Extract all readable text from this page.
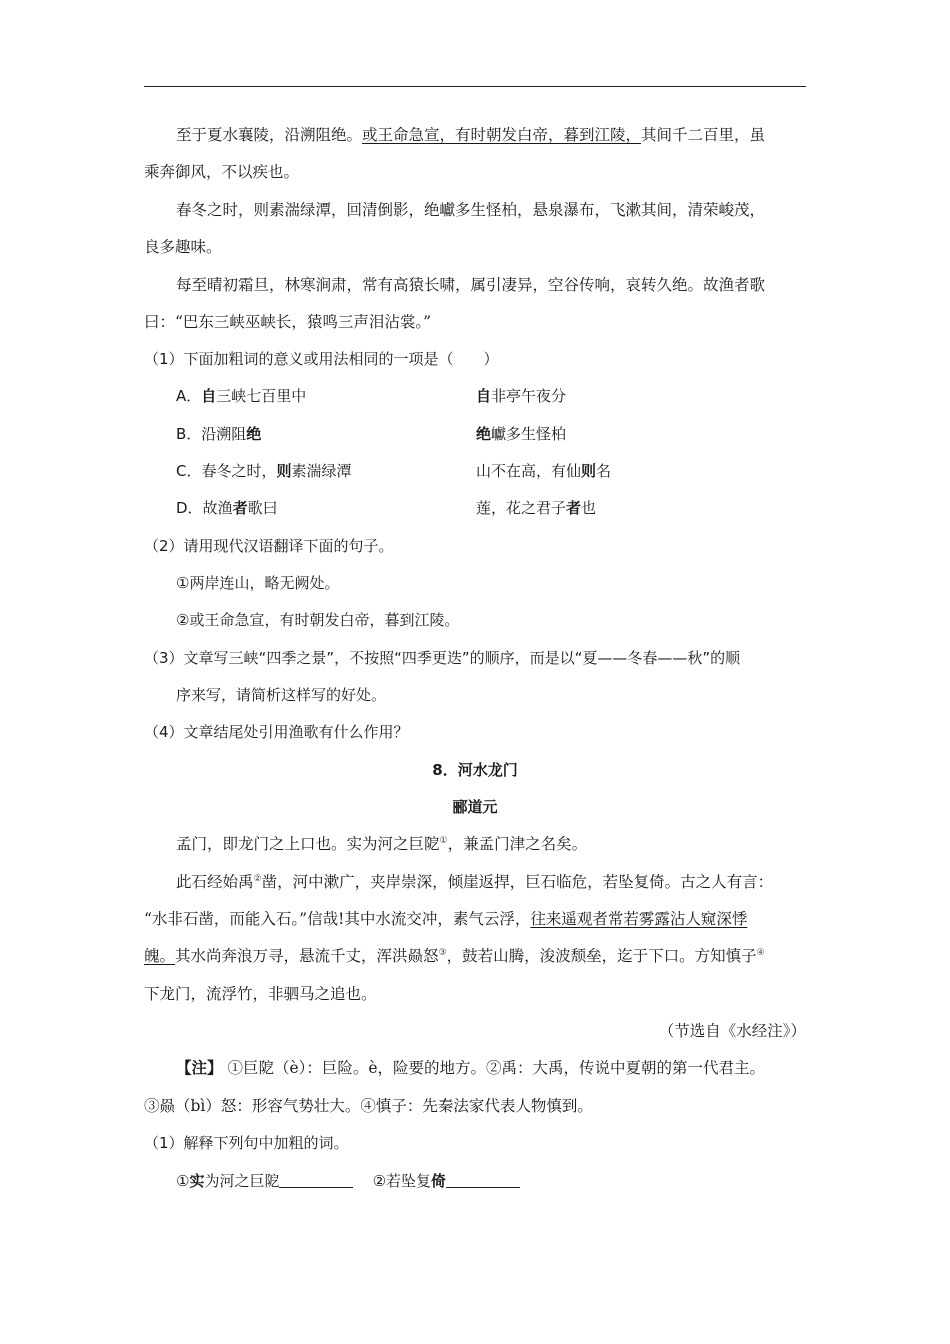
至于夏水襄陵，沿溯阻绝。或王命急宣，有时朝发白帝，暮到江陵，其间千二百里，虽
乘奔御风，不以疾也。
春冬之时，则素湍绿潭，回清倒影，绝巘多生怪柏，悬泉瀑布，飞漱其间，清荣峻茂，
良多趣味。
每至晴初霜旦，林寒涧肃，常有高猿长啸，属引凄异，空谷传响，哀转久绝。故渔者歌
曰：“巴东三峡巫峡长，猿鸣三声泪沾裳。”
（1）下面加粗词的意义或用法相同的一项是（　　）
A．自三峡七百里中	自非亭午夜分
B．沿溯阻绝	绝巘多生怪柏
C．春冬之时，则素湍绿潭	山不在高，有仙则名
D．故渔者歌曰	莲，花之君子者也
（2）请用现代汉语翻译下面的句子。
①两岸连山，略无阙处。
②或王命急宣，有时朝发白帝，暮到江陵。
（3）文章写三峡“四季之景”，不按照“四季更迭”的顺序，而是以“夏——冬春——秋”的顺
序来写，请简析这样写的好处。
（4）文章结尾处引用渔歌有什么作用？
8．河水龙门
郦道元
孟门，即龙门之上口也。实为河之巨阸①，兼孟门津之名矣。
此石经始禹②凿，河中漱广，夹岸崇深，倾崖返捍，巨石临危，若坠复倚。古之人有言：
“水非石凿，而能入石。”信哉!其中水流交冲，素气云浮，往来遥观者常若雾露沾人窥深悸
魄。其水尚奔浪万寻，悬流千丈，浑洪赑怒③，鼓若山腾，浚波颓垒，迄于下口。方知慎子④
下龙门，流浮竹，非驷马之追也。
（节选自《水经注》）
【注】 ①巨阸（è）：巨险。è，险要的地方。②禹：大禹，传说中夏朝的第一代君主。
③赑（bì）怒：形容气势壮大。④慎子：先秦法家代表人物慎到。
（1）解释下列句中加粗的词。
①实为河之巨阸	②若坠复倚
